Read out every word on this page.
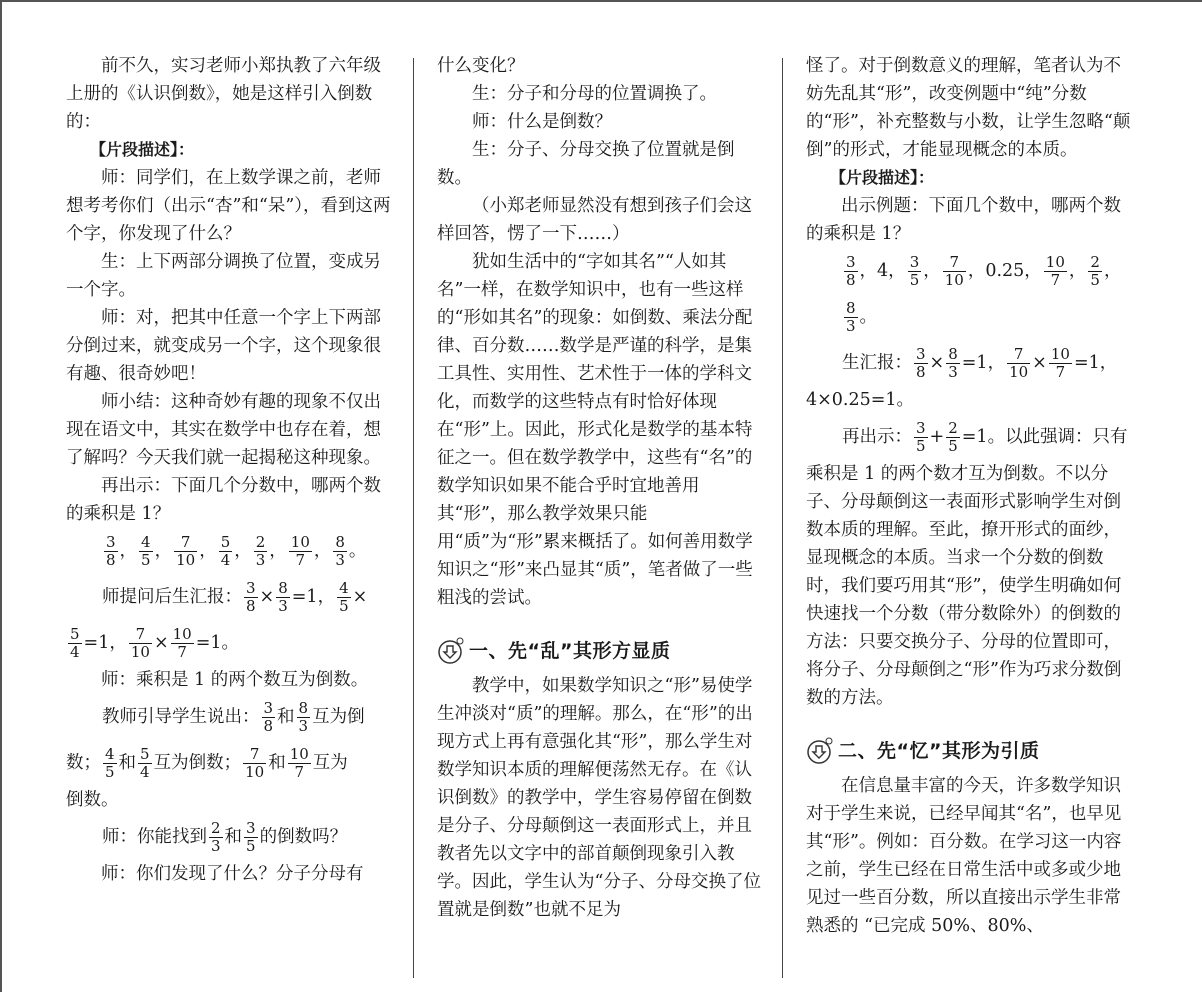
前不久，实习老师小郑执教了六年级上册的《认识倒数》，她是这样引入倒数的：
【片段描述】：
师：同学们，在上数学课之前，老师想考考你们（出示“杏”和“呆”），看到这两个字，你发现了什么？
生：上下两部分调换了位置，变成另一个字。
师：对，把其中任意一个字上下两部分倒过来，就变成另一个字，这个现象很有趣、很奇妙吧！
师小结：这种奇妙有趣的现象不仅出现在语文中，其实在数学中也存在着，想了解吗？今天我们就一起揭秘这种现象。
再出示：下面几个分数中，哪两个数的乘积是 1？
$\frac{3}{8}$ ， $\frac{4}{5}$ ， $\frac{7}{10}$ ， $\frac{5}{4}$ ， $\frac{2}{3}$ ， $\frac{10}{7}$ ， $\frac{8}{3}$ 。
师提问后生汇报： $\frac{3}{8} \times \frac{8}{3} =1$， $\frac{4}{5}$ ×
$\frac{5}{4} =1$， $\frac{7}{10} \times \frac{10}{7} =1$。
师：乘积是 1 的两个数互为倒数。
教师引导学生说出： $\frac{3}{8}$ 和 $\frac{8}{3}$ 互为倒
数； $\frac{4}{5}$ 和 $\frac{5}{4}$ 互为倒数； $\frac{7}{10}$ 和 $\frac{10}{7}$ 互为
倒数。
师：你能找到 $\frac{2}{3}$ 和 $\frac{3}{5}$ 的倒数吗？
师：你们发现了什么？分子分母有
什么变化？
生：分子和分母的位置调换了。
师：什么是倒数？
生：分子、分母交换了位置就是倒数。
（小郑老师显然没有想到孩子们会这样回答，愣了一下……）
犹如生活中的“字如其名”“人如其名”一样，在数学知识中，也有一些这样的“形如其名”的现象：如倒数、乘法分配律、百分数……数学是严谨的科学，是集工具性、实用性、艺术性于一体的学科文化，而数学的这些特点有时恰好体现在“形”上。因此，形式化是数学的基本特征之一。但在数学教学中，这些有“名”的数学知识如果不能合乎时宜地善用其“形”，那么教学效果只能用“质”为“形”累来概括了。如何善用数学知识之“形”来凸显其“质”，笔者做了一些粗浅的尝试。
一、先“乱”其形方显质
教学中，如果数学知识之“形”易使学生冲淡对“质”的理解。那么，在“形”的出现方式上再有意强化其“形”，那么学生对数学知识本质的理解便荡然无存。在《认识倒数》的教学中，学生容易停留在倒数是分子、分母颠倒这一表面形式上，并且教者先以文字中的部首颠倒现象引入教学。因此，学生认为“分子、分母交换了位置就是倒数”也就不足为
怪了。对于倒数意义的理解，笔者认为不妨先乱其“形”，改变例题中“纯”分数的“形”，补充整数与小数，让学生忽略“颠倒”的形式，才能显现概念的本质。
【片段描述】：
出示例题：下面几个数中，哪两个数的乘积是 1？
$\frac{3}{8}$ ，4， $\frac{3}{5}$ ， $\frac{7}{10}$ ，0.25， $\frac{10}{7}$ ， $\frac{2}{5}$ ，
$\frac{8}{3}$ 。
生汇报： $\frac{3}{8} \times \frac{8}{3} =1$， $\frac{7}{10} \times \frac{10}{7} =1$，
4×0.25=1。
再出示： $\frac{3}{5} + \frac{2}{5} =1$。以此强调：只有
乘积是 1 的两个数才互为倒数。不以分子、分母颠倒这一表面形式影响学生对倒数本质的理解。至此，撩开形式的面纱，显现概念的本质。当求一个分数的倒数时，我们要巧用其“形”，使学生明确如何快速找一个分数（带分数除外）的倒数的方法：只要交换分子、分母的位置即可，将分子、分母颠倒之“形”作为巧求分数倒数的方法。
二、先“忆”其形为引质
在信息量丰富的今天，许多数学知识对于学生来说，已经早闻其“名”，也早见其“形”。例如：百分数。在学习这一内容之前，学生已经在日常生活中或多或少地见过一些百分数，所以直接出示学生非常熟悉的 “已完成 50%、80%、
